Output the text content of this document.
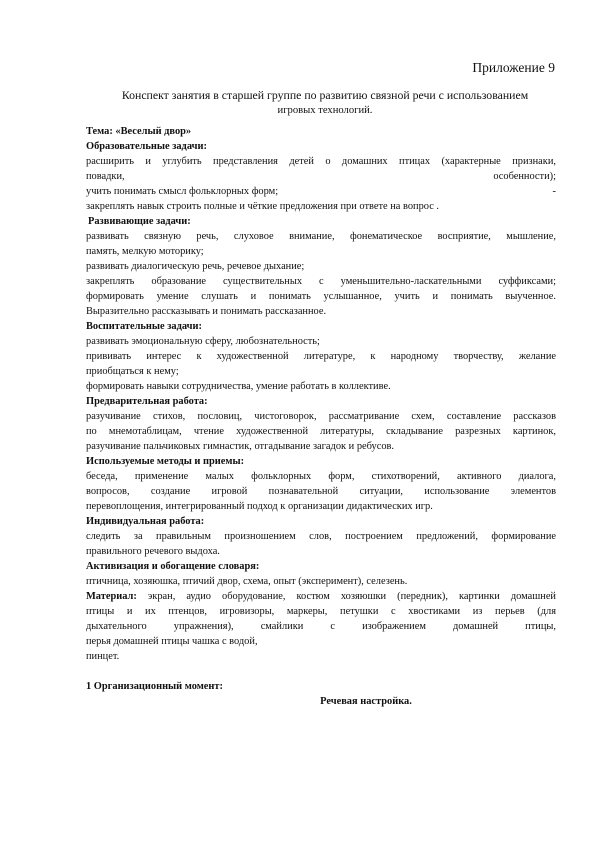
Приложение 9
Конспект занятия в старшей группе по развитию связной речи с использованием
игровых технологий.

Тема: «Веселый двор»

Образовательные задачи:

расширить и углубить представления детей о домашних птицах (характерные признаки,

повадки,	особенности);

учить понимать смысл фольклорных форм;	-

закреплять навык строить полные и чёткие предложения при ответе на вопрос .

Развивающие задачи:

развивать связную речь, слуховое внимание, фонематическое восприятие, мышление,

память, мелкую моторику;

развивать диалогическую речь, речевое дыхание;

закреплять образование существительных с уменьшительно-ласкательными суффиксами;

формировать умение слушать и понимать услышанное, учить и понимать выученное.

Выразительно рассказывать и понимать рассказанное.

Воспитательные задачи:

развивать эмоциональную сферу, любознательность;

прививать интерес к художественной литературе, к народному творчеству, желание

приобщаться к нему;

формировать навыки сотрудничества, умение работать в коллективе.

Предварительная работа:

разучивание стихов, пословиц, чистоговорок, рассматривание схем, составление рассказов

по мнемотаблицам, чтение художественной литературы, складывание разрезных картинок,

разучивание пальчиковых гимнастик, отгадывание загадок и ребусов.

Используемые методы и приемы:

беседа, применение малых фольклорных форм, стихотворений, активного диалога,

вопросов, создание игровой познавательной ситуации, использование элементов

перевоплощения, интегрированный подход к организации дидактических игр.

Индивидуальная работа:

следить за правильным произношением слов, построением предложений, формирование

правильного речевого выдоха.

Активизация и обогащение словаря:

птичница, хозяюшка, птичий двор, схема, опыт (эксперимент), селезень.

Материал: экран, аудио оборудование, костюм хозяюшки (передник), картинки домашней

птицы и их птенцов, игровизоры, маркеры, петушки с хвостиками из перьев (для

дыхательного упражнения), смайлики с изображением домашней птицы,

перья домашней птицы чашка с водой,

пинцет.

1 Организационный момент:

Речевая настройка.
